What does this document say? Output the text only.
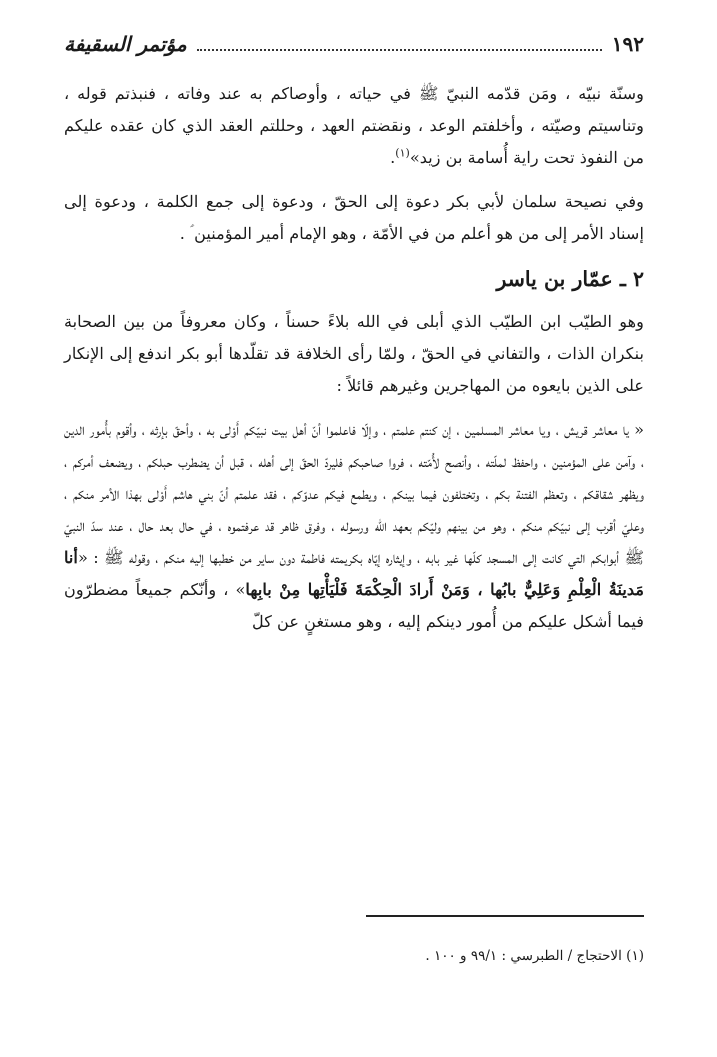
١٩٢
مؤتمر السقيفة

وسنّة نبيّه ، ومَن قدّمه النبيّ ﷺ في حياته ، وأوصاكم به عند وفاته ، فنبذتم قوله ، وتناسيتم وصيّته ، وأخلفتم الوعد ، ونقضتم العهد ، وحللتم العقد الذي كان عقده عليكم من النفوذ تحت راية أُسامة بن زيد»$^{(١)}$.

وفي نصيحة سلمان لأبي بكر دعوة إلى الحقّ ، ودعوة إلى جمع الكلمة ، ودعوة إلى إسناد الأمر إلى من هو أعلم من في الأمّة ، وهو الإمام أمير المؤمنين ؑ .

٢ ـ عمّار بن ياسر

وهو الطيّب ابن الطيّب الذي أبلى في الله بلاءً حسناً ، وكان معروفاً من بين الصحابة بنكران الذات ، والتفاني في الحقّ ، ولمّا رأى الخلافة قد تقلّدها أبو بكر اندفع إلى الإنكار على الذين بايعوه من المهاجرين وغيرهم قائلاً :

« يا معاشر قريش ، ويا معاشر المسلمين ، إن كنتم علمتم ، وإلّا فاعلموا أنّ أهل بيت نبيّكم أَوْلى به ، وأحقّ بإرثه ، وأقوم بأُمور الدين ، وآمن على المؤمنين ، واحفظ لملّته ، وأنصح لأُمّته ، فروا صاحبكم فليردّ الحقّ إلى أهله ، قبل أن يضطرب حبلكم ، ويضعف أمركم ، ويظهر شقاقكم ، وتعظم الفتنة بكم ، وتختلفون فيما بينكم ، ويطمع فيكم عدوّكم ، فقد علمتم أنّ بني هاشم أَوْلى بهذا الأمر منكم ، وعليّ أقرب إلى نبيّكم منكم ، وهو من بينهم وليّكم بعهد الله ورسوله ، وفرق ظاهر قد عرفتموه ، في حال بعد حال ، عند سدّ النبيّ ﷺ أبوابكم التي كانت إلى المسجد كلّها غير بابه ، وإيثاره إيّاه بكريمته فاطمة دون ساير من خطبها إليه منكم ، وقوله ﷺ : «أنا مَدينَةُ الْعِلْمِ وَعَلِيٌّ بابُها ، وَمَنْ أَرادَ الْحِكْمَةَ فَلْيَأْتِها مِنْ بابِها» ، وأنّكم جميعاً مضطرّون فيما أشكل عليكم من أُمور دينكم إليه ، وهو مستغنٍ عن كلّ

(١) الاحتجاج / الطبرسي : ٩٩/١ و ١٠٠ .
